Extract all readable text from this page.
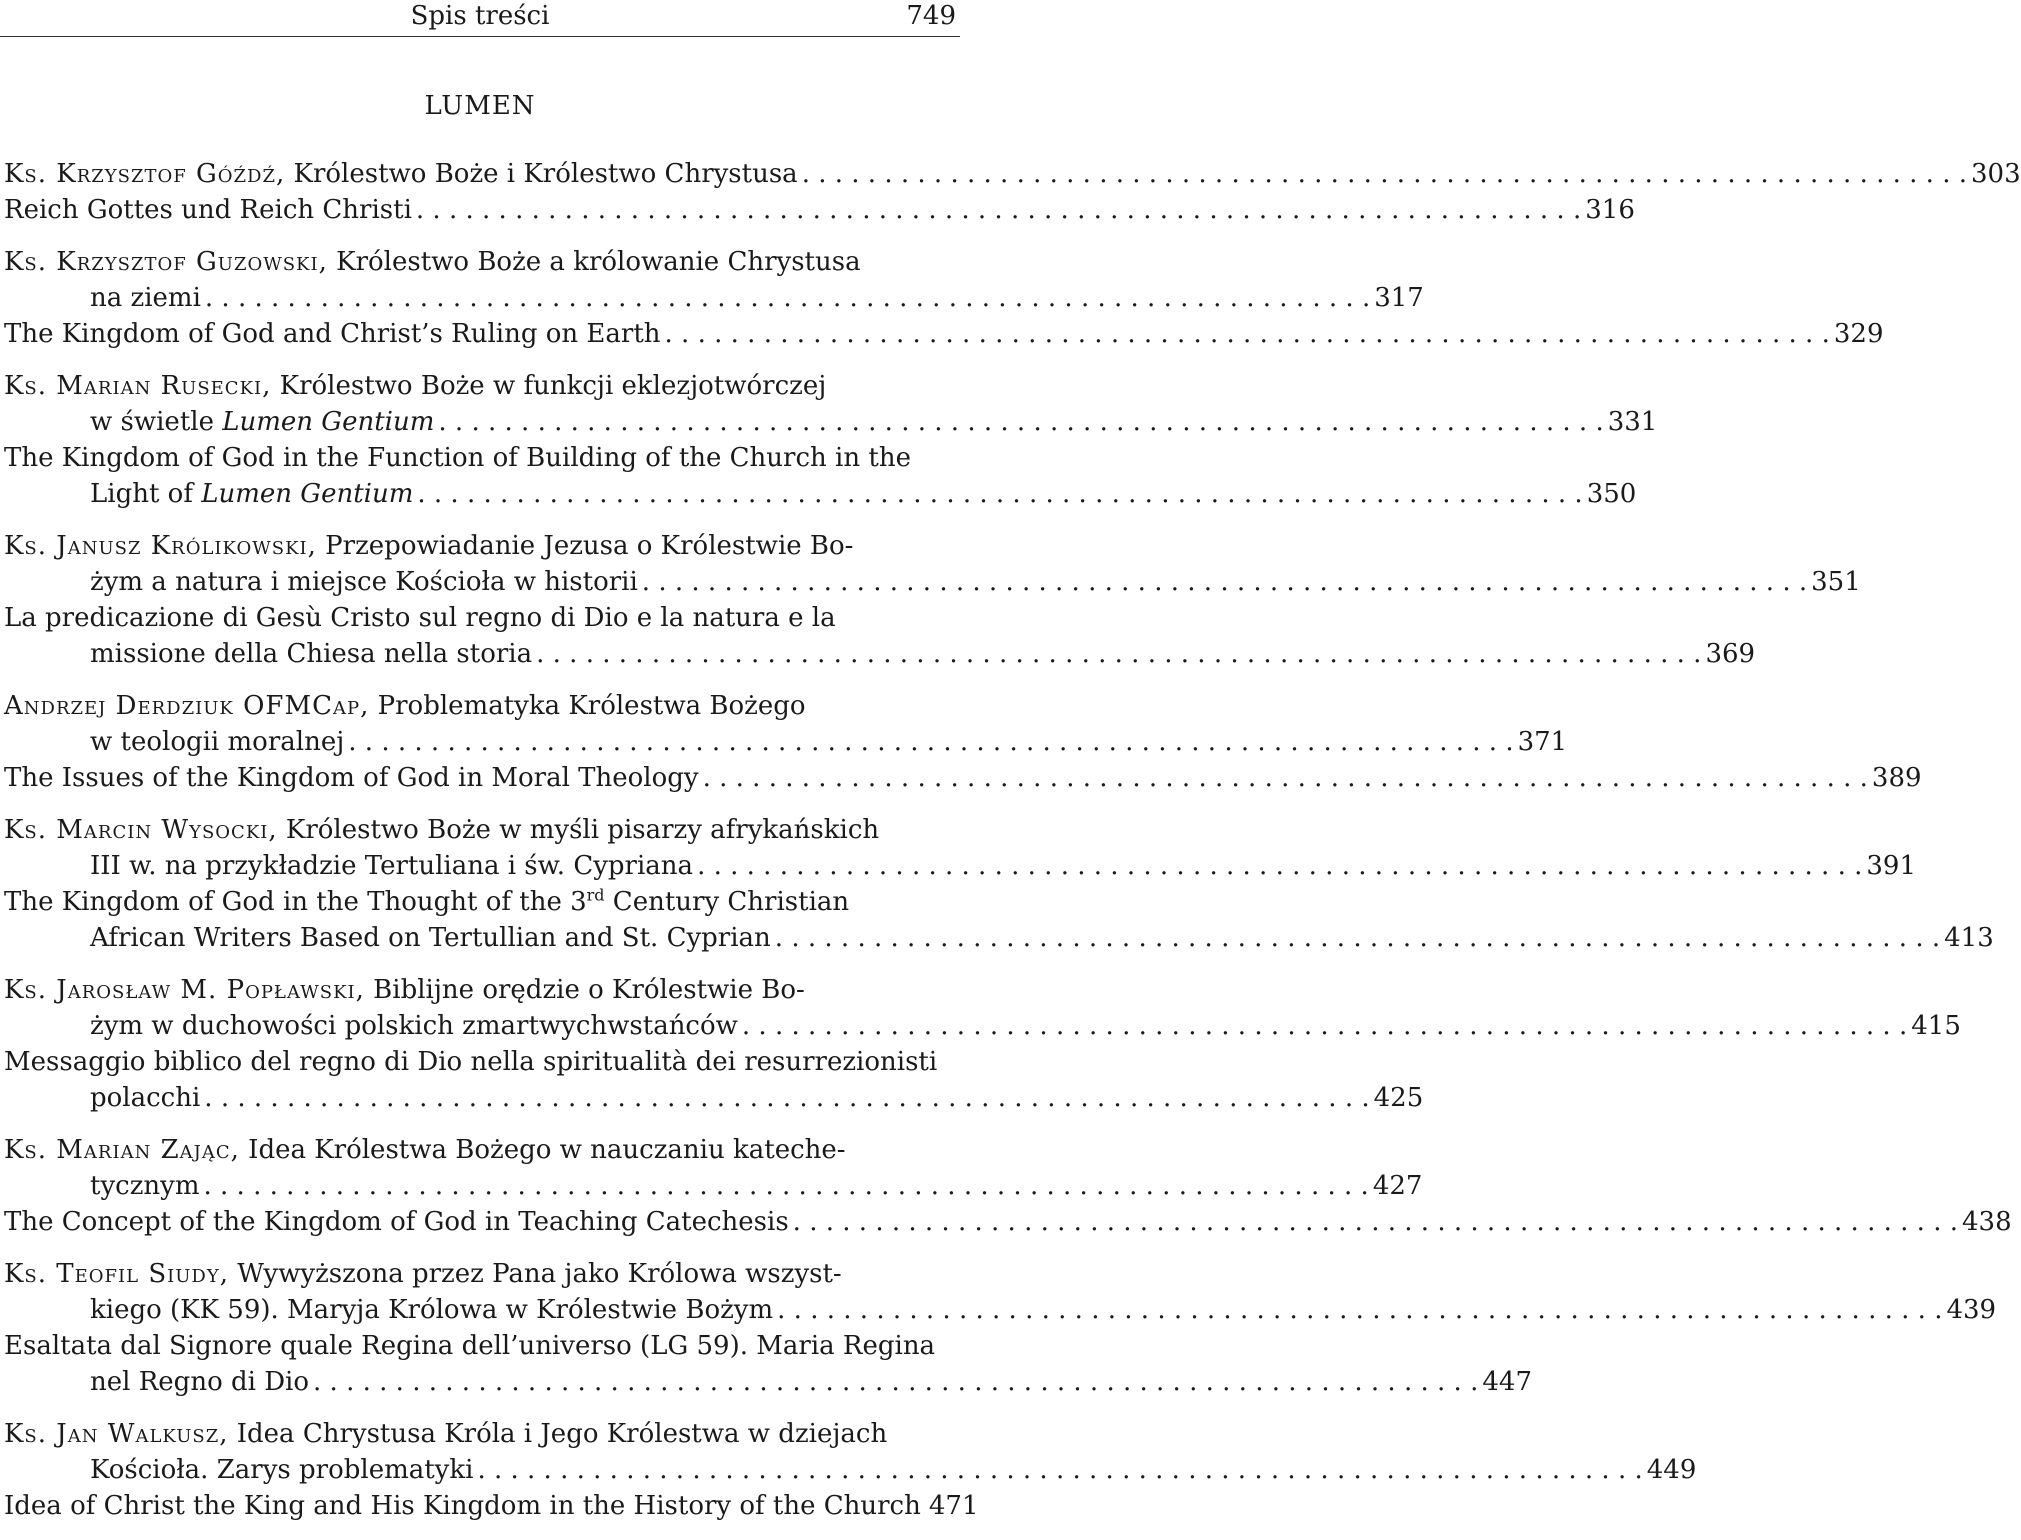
Spis treści	749
LUMEN
Ks. Krzysztof Góźdź, Królestwo Boże i Królestwo Chrystusa . . .	303
Reich Gottes und Reich Christi . . .	316
Ks. Krzysztof Guzowski, Królestwo Boże a królowanie Chrystusa
na ziemi . . .	317
The Kingdom of God and Christ’s Ruling on Earth . . .	329
Ks. Marian Rusecki, Królestwo Boże w funkcji eklezjotwórczej
w świetle Lumen Gentium . . .	331
The Kingdom of God in the Function of Building of the Church in the
Light of Lumen Gentium . . .	350
Ks. Janusz Królikowski, Przepowiadanie Jezusa o Królestwie Bo-
żym a natura i miejsce Kościoła w historii . . .	351
La predicazione di Gesù Cristo sul regno di Dio e la natura e la
missione della Chiesa nella storia . . .	369
Andrzej Derdziuk OFMCap, Problematyka Królestwa Bożego
w teologii moralnej . . .	371
The Issues of the Kingdom of God in Moral Theology . . .	389
Ks. Marcin Wysocki, Królestwo Boże w myśli pisarzy afrykańskich
III w. na przykładzie Tertuliana i św. Cypriana . . .	391
The Kingdom of God in the Thought of the 3rd Century Christian
African Writers Based on Tertullian and St. Cyprian . . .	413
Ks. Jarosław M. Popławski, Biblijne orędzie o Królestwie Bo-
żym w duchowości polskich zmartwychwstańców . . .	415
Messaggio biblico del regno di Dio nella spiritualità dei resurrezionisti
polacchi . . .	425
Ks. Marian Zając, Idea Królestwa Bożego w nauczaniu kateche-
tycznym . . .	427
The Concept of the Kingdom of God in Teaching Catechesis . . .	438
Ks. Teofil Siudy, Wywyższona przez Pana jako Królowa wszyst-
kiego (KK 59). Maryja Królowa w Królestwie Bożym . . .	439
Esaltata dal Signore quale Regina dell’universo (LG 59). Maria Regina
nel Regno di Dio . . .	447
Ks. Jan Walkusz, Idea Chrystusa Króla i Jego Królestwa w dziejach
Kościoła. Zarys problematyki . . .	449
Idea of Christ the King and His Kingdom in the History of the Church 471
